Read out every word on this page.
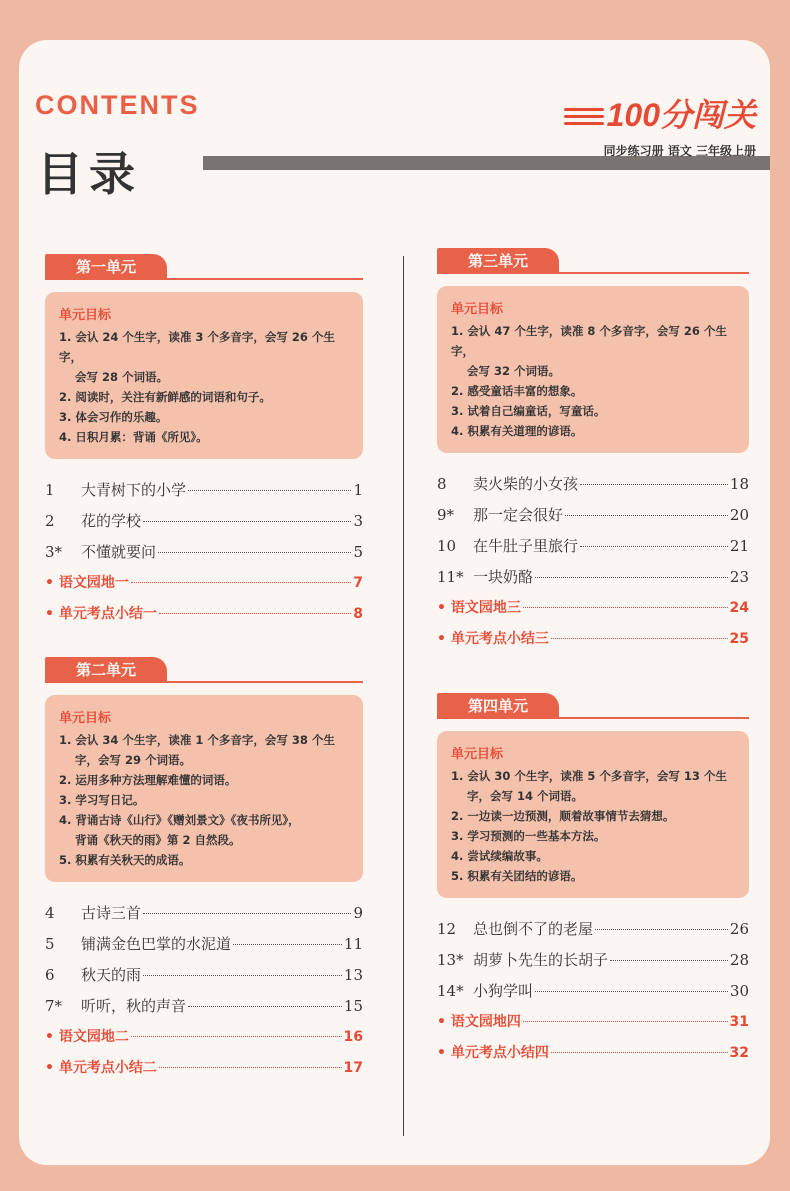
CONTENTS
目录
100分闯关
同步练习册 语文 三年级上册
第一单元
单元目标
1. 会认 24 个生字，读准 3 个多音字，会写 26 个生字，
会写 28 个词语。
2. 阅读时，关注有新鲜感的词语和句子。
3. 体会习作的乐趣。
4. 日积月累：背诵《所见》。
1	大青树下的小学	1
2	花的学校	3
3*	不懂就要问	5
• 语文园地一	7
• 单元考点小结一	8
第二单元
单元目标
1. 会认 34 个生字，读准 1 个多音字，会写 38 个生
字，会写 29 个词语。
2. 运用多种方法理解难懂的词语。
3. 学习写日记。
4. 背诵古诗《山行》《赠刘景文》《夜书所见》，
背诵《秋天的雨》第 2 自然段。
5. 积累有关秋天的成语。
4	古诗三首	9
5	铺满金色巴掌的水泥道	11
6	秋天的雨	13
7*	听听，秋的声音	15
• 语文园地二	16
• 单元考点小结二	17
第三单元
单元目标
1. 会认 47 个生字，读准 8 个多音字，会写 26 个生字，
会写 32 个词语。
2. 感受童话丰富的想象。
3. 试着自己编童话，写童话。
4. 积累有关道理的谚语。
8	卖火柴的小女孩	18
9*	那一定会很好	20
10	在牛肚子里旅行	21
11* 一块奶酪	23
• 语文园地三	24
• 单元考点小结三	25
第四单元
单元目标
1. 会认 30 个生字，读准 5 个多音字，会写 13 个生
字，会写 14 个词语。
2. 一边读一边预测，顺着故事情节去猜想。
3. 学习预测的一些基本方法。
4. 尝试续编故事。
5. 积累有关团结的谚语。
12	总也倒不了的老屋	26
13* 胡萝卜先生的长胡子	28
14* 小狗学叫	30
• 语文园地四	31
• 单元考点小结四	32
